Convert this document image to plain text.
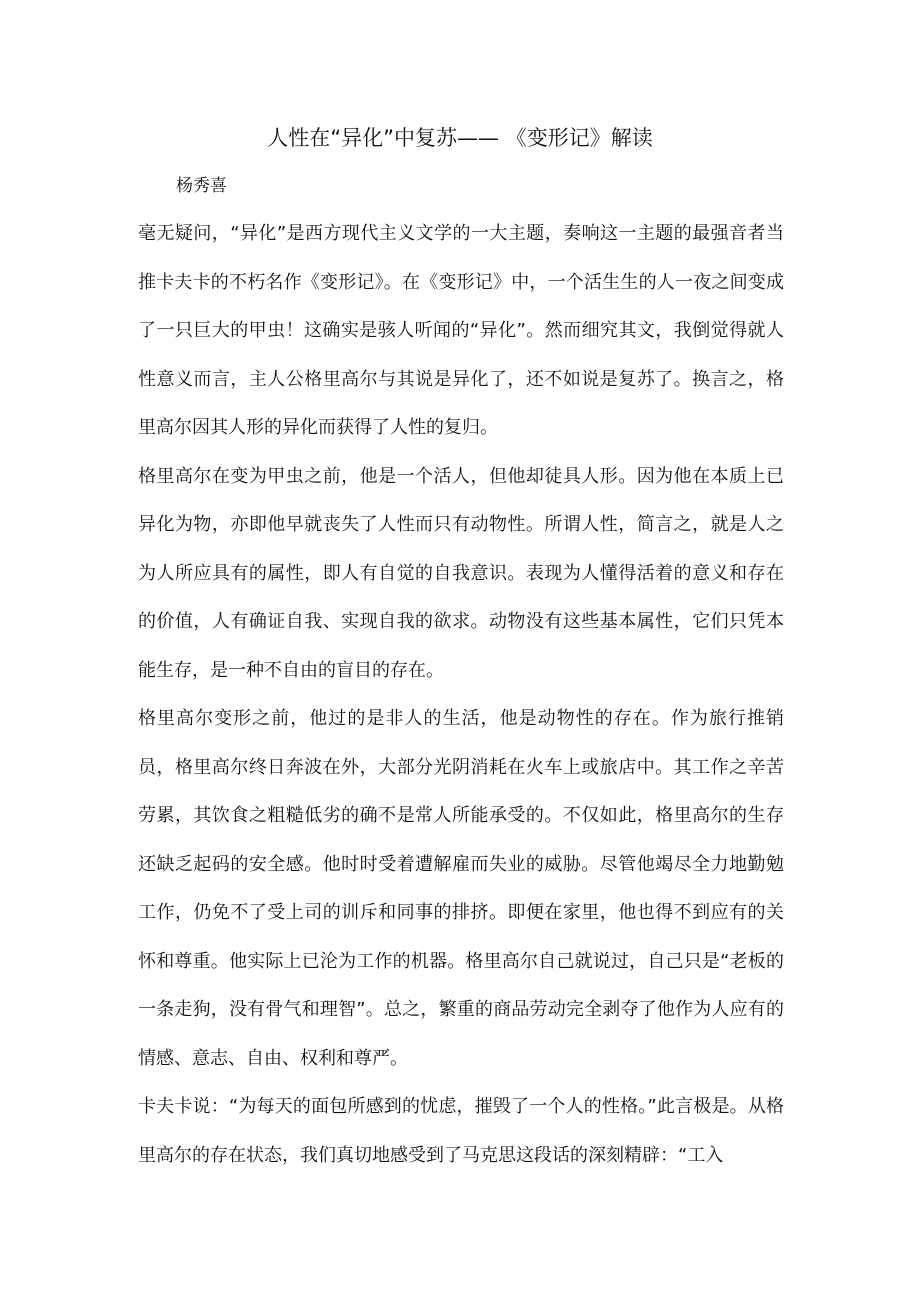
人性在“异化”中复苏—— 《变形记》解读
杨秀喜

毫无疑问，“异化”是西方现代主义文学的一大主题，奏响这一主题的最强音者当推卡夫卡的不朽名作《变形记》。在《变形记》中，一个活生生的人一夜之间变成了一只巨大的甲虫！这确实是骇人听闻的“异化”。然而细究其文，我倒觉得就人性意义而言，主人公格里高尔与其说是异化了，还不如说是复苏了。换言之，格里高尔因其人形的异化而获得了人性的复归。

格里高尔在变为甲虫之前，他是一个活人，但他却徒具人形。因为他在本质上已异化为物，亦即他早就丧失了人性而只有动物性。所谓人性，简言之，就是人之为人所应具有的属性，即人有自觉的自我意识。表现为人懂得活着的意义和存在的价值，人有确证自我、实现自我的欲求。动物没有这些基本属性，它们只凭本能生存，是一种不自由的盲目的存在。

格里高尔变形之前，他过的是非人的生活，他是动物性的存在。作为旅行推销员，格里高尔终日奔波在外，大部分光阴消耗在火车上或旅店中。其工作之辛苦劳累，其饮食之粗糙低劣的确不是常人所能承受的。不仅如此，格里高尔的生存还缺乏起码的安全感。他时时受着遭解雇而失业的威胁。尽管他竭尽全力地勤勉工作，仍免不了受上司的训斥和同事的排挤。即便在家里，他也得不到应有的关怀和尊重。他实际上已沦为工作的机器。格里高尔自己就说过，自己只是“老板的一条走狗，没有骨气和理智”。总之，繁重的商品劳动完全剥夺了他作为人应有的情感、意志、自由、权利和尊严。

卡夫卡说：“为每天的面包所感到的忧虑，摧毁了一个人的性格。”此言极是。从格里高尔的存在状态，我们真切地感受到了马克思这段话的深刻精辟：“工入
